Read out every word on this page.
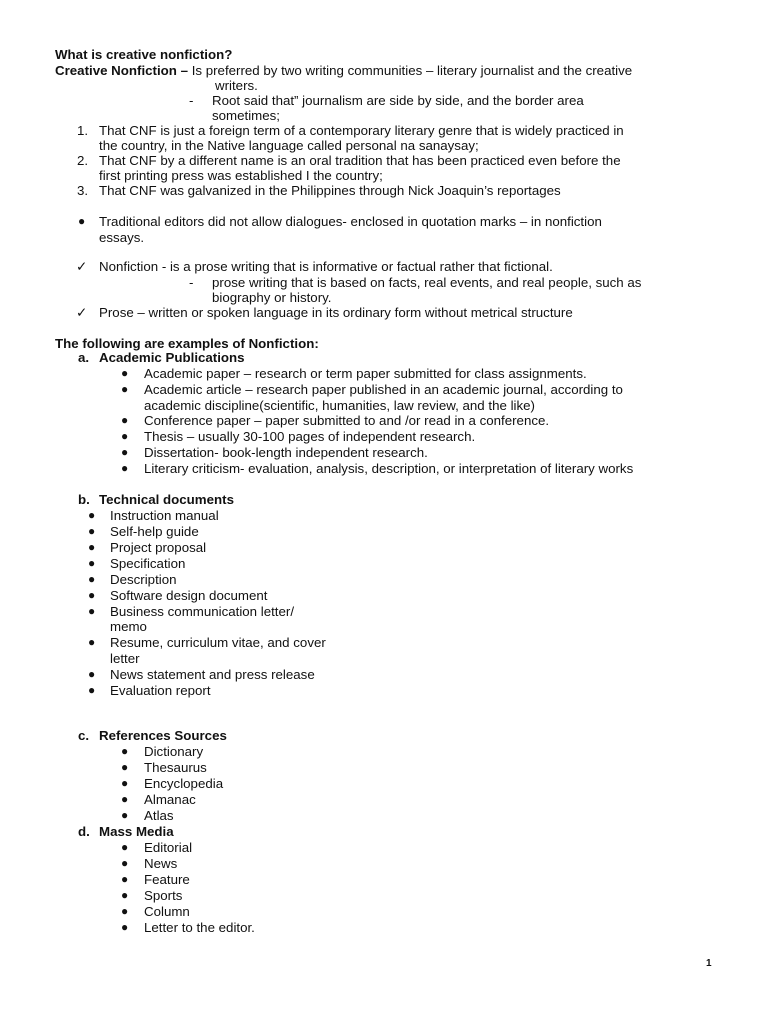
What is creative nonfiction?
Creative Nonfiction – Is preferred by two writing communities – literary journalist and the creative
writers.
- Root said that” journalism are side by side, and the border area
sometimes;
1. That CNF is just a foreign term of a contemporary literary genre that is widely practiced in
the country, in the Native language called personal na sanaysay;
2. That CNF by a different name is an oral tradition that has been practiced even before the
first printing press was established I the country;
3. That CNF was galvanized in the Philippines through Nick Joaquin’s reportages
● Traditional editors did not allow dialogues- enclosed in quotation marks – in nonfiction
essays.
✓ Nonfiction - is a prose writing that is informative or factual rather that fictional.
- prose writing that is based on facts, real events, and real people, such as
biography or history.
✓ Prose – written or spoken language in its ordinary form without metrical structure
The following are examples of Nonfiction:
a. Academic Publications
● Academic paper – research or term paper submitted for class assignments.
● Academic article – research paper published in an academic journal, according to
academic discipline(scientific, humanities, law review, and the like)
● Conference paper – paper submitted to and /or read in a conference.
● Thesis – usually 30-100 pages of independent research.
● Dissertation- book-length independent research.
● Literary criticism- evaluation, analysis, description, or interpretation of literary works
b. Technical documents
● Instruction manual
● Self-help guide
● Project proposal
● Specification
● Description
● Software design document
● Business communication letter/
memo
● Resume, curriculum vitae, and cover
letter
● News statement and press release
● Evaluation report
c. References Sources
● Dictionary
● Thesaurus
● Encyclopedia
● Almanac
● Atlas
d. Mass Media
● Editorial
● News
● Feature
● Sports
● Column
● Letter to the editor.
1
